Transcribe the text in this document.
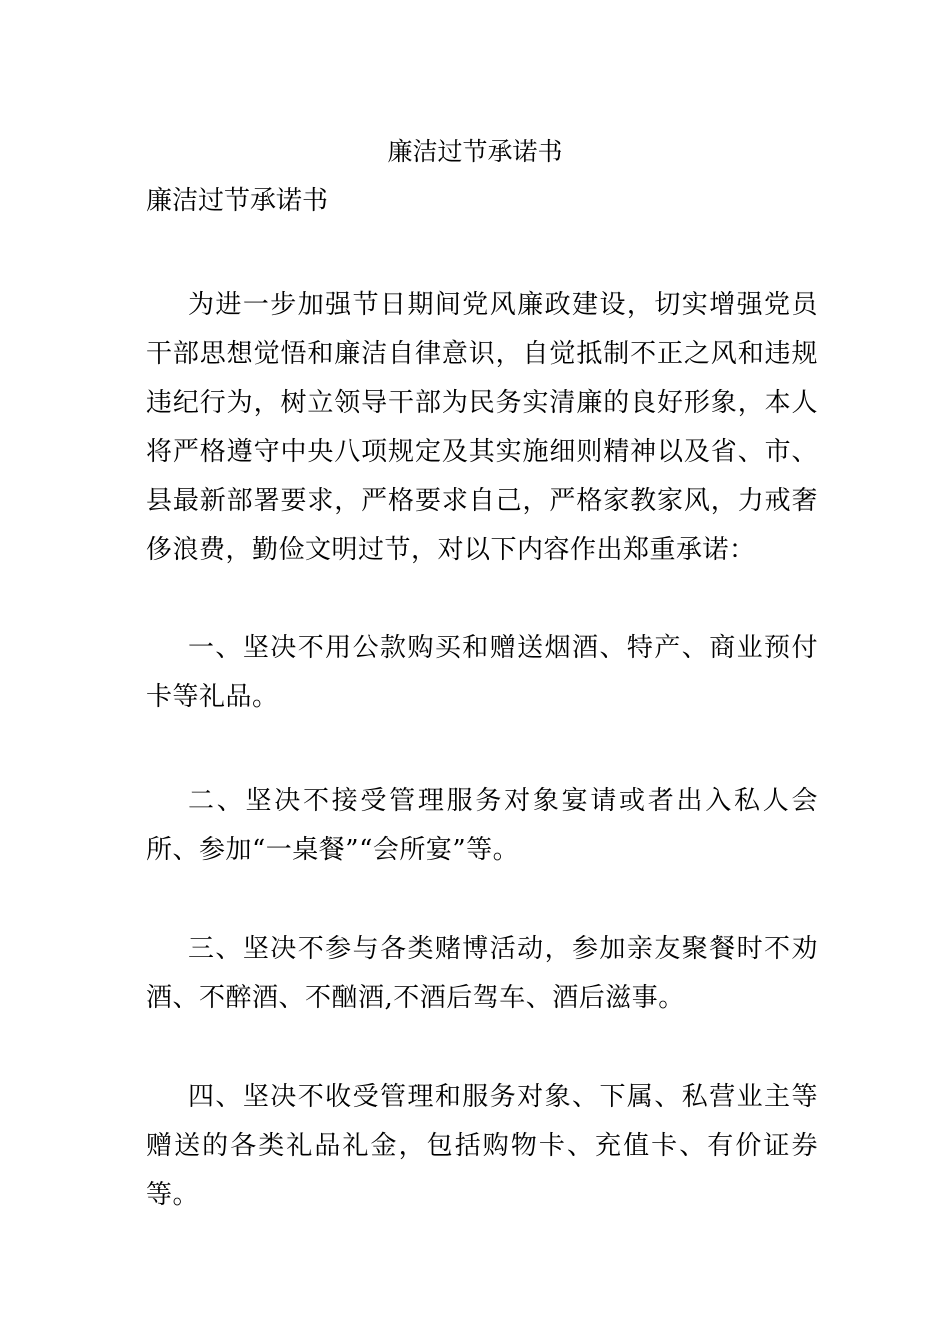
廉洁过节承诺书

廉洁过节承诺书

为进一步加强节日期间党风廉政建设，切实增强党员干部思想觉悟和廉洁自律意识，自觉抵制不正之风和违规违纪行为，树立领导干部为民务实清廉的良好形象，本人将严格遵守中央八项规定及其实施细则精神以及省、市、县最新部署要求，严格要求自己，严格家教家风，力戒奢侈浪费，勤俭文明过节，对以下内容作出郑重承诺：

一、坚决不用公款购买和赠送烟酒、特产、商业预付卡等礼品。

二、坚决不接受管理服务对象宴请或者出入私人会所、参加“一桌餐”“会所宴”等。

三、坚决不参与各类赌博活动，参加亲友聚餐时不劝酒、不醉酒、不酗酒,不酒后驾车、酒后滋事。

四、坚决不收受管理和服务对象、下属、私营业主等赠送的各类礼品礼金，包括购物卡、充值卡、有价证券等。
